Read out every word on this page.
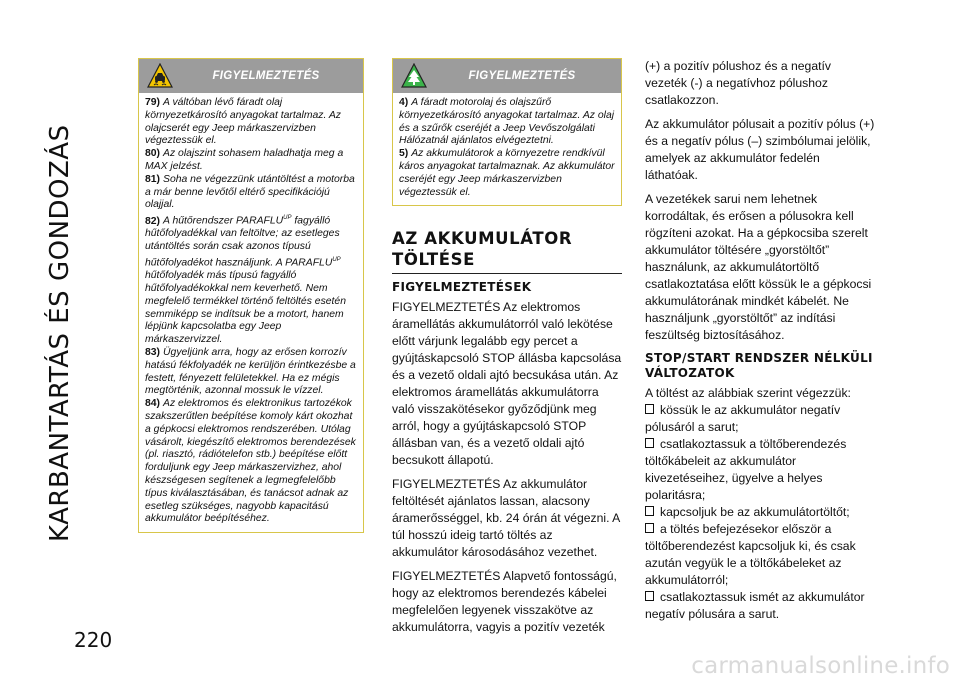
KARBANTARTÁS ÉS GONDOZÁS
220
FIGYELMEZTETÉS

79) A váltóban lévő fáradt olaj környezetkárosító anyagokat tartalmaz. Az olajcserét egy Jeep márkaszervizben végeztessük el.

80) Az olajszint sohasem haladhatja meg a MAX jelzést.

81) Soha ne végezzünk utántöltést a motorba a már benne levőtől eltérő specifikációjú olajjal.

82) A hűtőrendszer $PARAFLU^{UP}$ fagyálló hűtőfolyadékkal van feltöltve; az esetleges utántöltés során csak azonos típusú hűtőfolyadékot használjunk. A $PARAFLU^{UP}$ hűtőfolyadék más típusú fagyálló hűtőfolyadékokkal nem keverhető. Nem megfelelő termékkel történő feltöltés esetén semmiképp se indítsuk be a motort, hanem lépjünk kapcsolatba egy Jeep márkaszervizzel.

83) Ügyeljünk arra, hogy az erősen korrozív hatású fékfolyadék ne kerüljön érintkezésbe a festett, fényezett felületekkel. Ha ez mégis megtörténik, azonnal mossuk le vízzel.

84) Az elektromos és elektronikus tartozékok szakszerűtlen beépítése komoly kárt okozhat a gépkocsi elektromos rendszerében. Utólag vásárolt, kiegészítő elektromos berendezések (pl. riasztó, rádiótelefon stb.) beépítése előtt forduljunk egy Jeep márkaszervizhez, ahol készségesen segítenek a legmegfelelőbb típus kiválasztásában, és tanácsot adnak az esetleg szükséges, nagyobb kapacitású akkumulátor beépítéséhez.

FIGYELMEZTETÉS

4) A fáradt motorolaj és olajszűrő környezetkárosító anyagokat tartalmaz. Az olaj és a szűrők cseréjét a Jeep Vevőszolgálati Hálózatnál ajánlatos elvégeztetni.

5) Az akkumulátorok a környezetre rendkívül káros anyagokat tartalmaznak. Az akkumulátor cseréjét egy Jeep márkaszervizben végeztessük el.

AZ AKKUMULÁTOR TÖLTÉSE
FIGYELMEZTETÉSEK

FIGYELMEZTETÉS Az elektromos áramellátás akkumulátorról való lekötése előtt várjunk legalább egy percet a gyújtáskapcsoló STOP állásba kapcsolása és a vezető oldali ajtó becsukása után. Az elektromos áramellátás akkumulátorra való visszakötésekor győződjünk meg arról, hogy a gyújtáskapcsoló STOP állásban van, és a vezető oldali ajtó becsukott állapotú.

FIGYELMEZTETÉS Az akkumulátor feltöltését ajánlatos lassan, alacsony áramerősséggel, kb. 24 órán át végezni. A túl hosszú ideig tartó töltés az akkumulátor károsodásához vezethet.

FIGYELMEZTETÉS Alapvető fontosságú, hogy az elektromos berendezés kábelei megfelelően legyenek visszakötve az akkumulátorra, vagyis a pozitív vezeték

(+) a pozitív pólushoz és a negatív vezeték (-) a negatívhoz pólushoz csatlakozzon.

Az akkumulátor pólusait a pozitív pólus (+) és a negatív pólus (–) szimbólumai jelölik, amelyek az akkumulátor fedelén láthatóak.

A vezetékek sarui nem lehetnek korrodáltak, és erősen a pólusokra kell rögzíteni azokat. Ha a gépkocsiba szerelt akkumulátor töltésére „gyorstöltőt” használunk, az akkumulátortöltő csatlakoztatása előtt kössük le a gépkocsi akkumulátorának mindkét kábelét. Ne használjunk „gyorstöltőt” az indítási feszültség biztosításához.

STOP/START RENDSZER NÉLKÜLI VÁLTOZATOK

A töltést az alábbiak szerint végezzük:

kössük le az akkumulátor negatív pólusáról a sarut;
csatlakoztassuk a töltőberendezés töltőkábeleit az akkumulátor kivezetéseihez, ügyelve a helyes polaritásra;
kapcsoljuk be az akkumulátortöltőt;
a töltés befejezésekor először a töltőberendezést kapcsoljuk ki, és csak azután vegyük le a töltőkábeleket az akkumulátorról;
csatlakoztassuk ismét az akkumulátor negatív pólusára a sarut.
carmanualsonline.info
